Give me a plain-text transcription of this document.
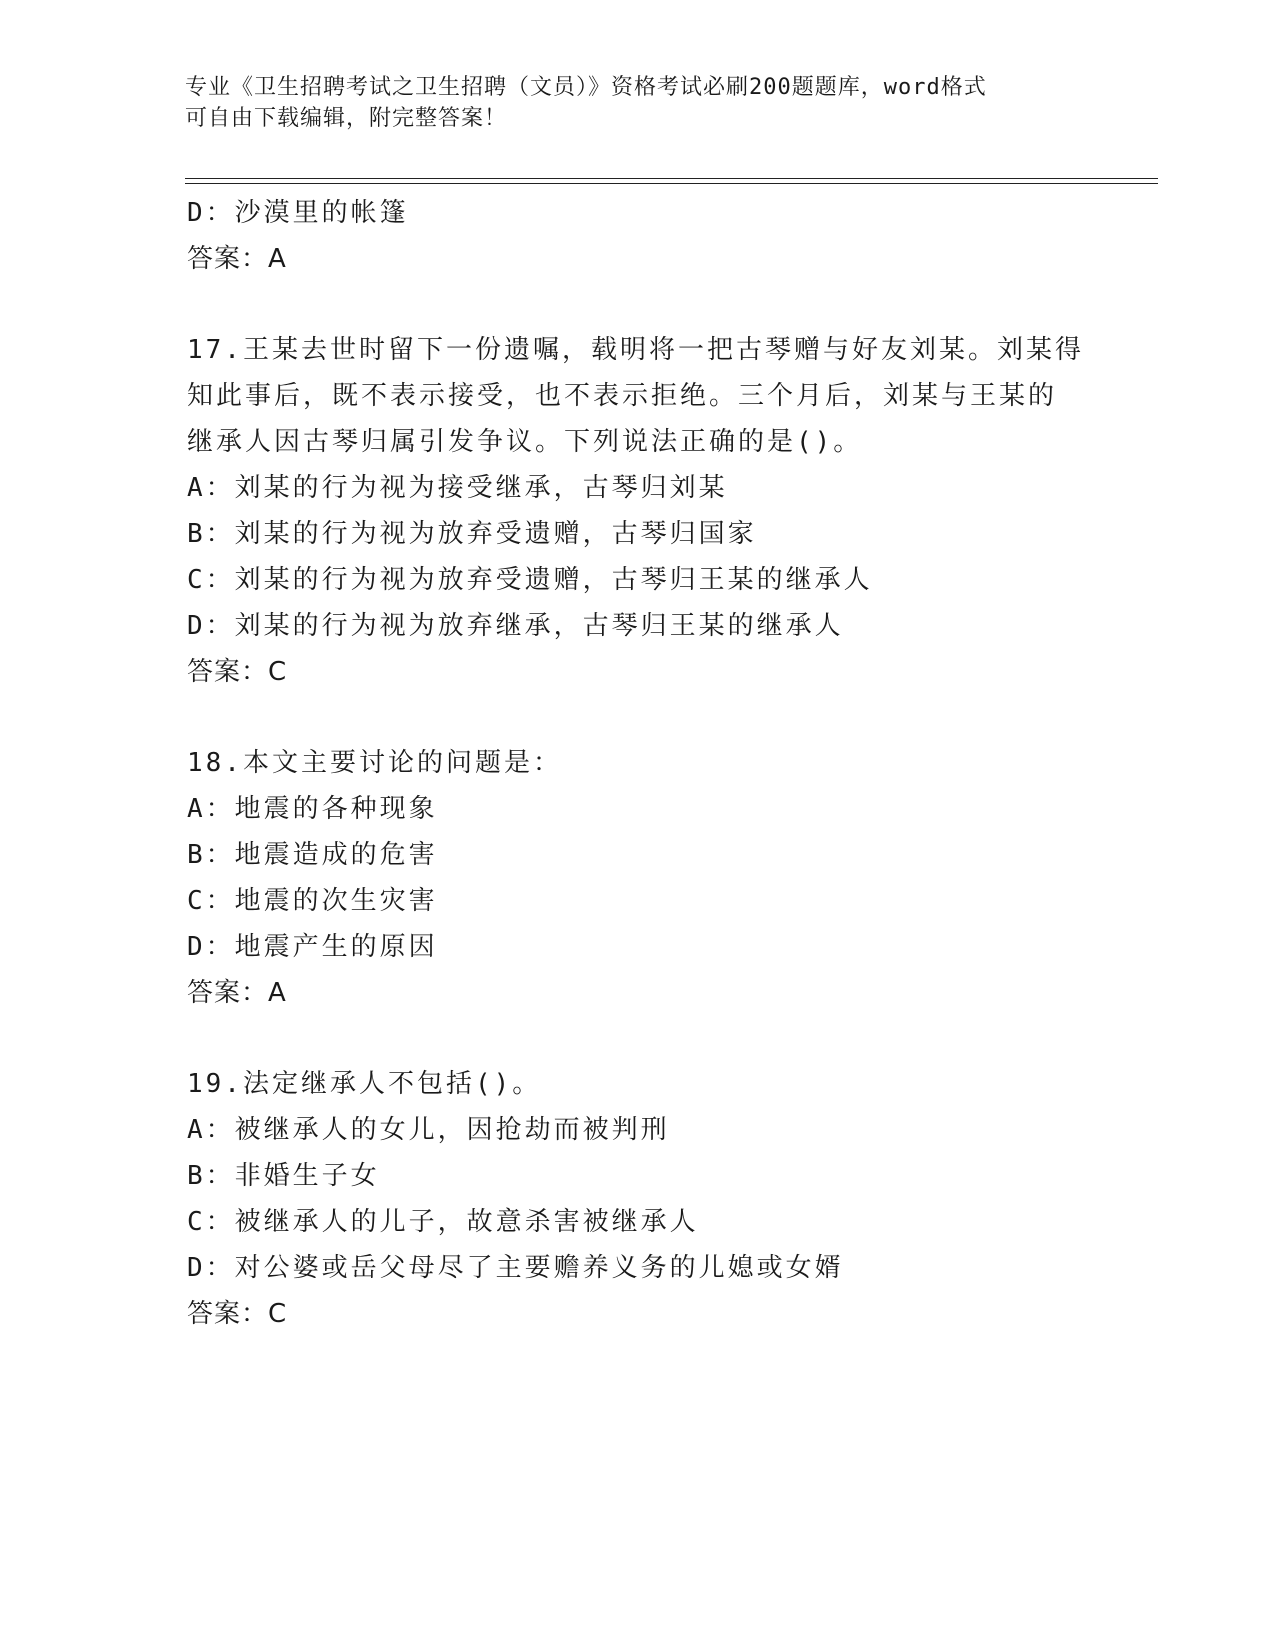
专业《卫生招聘考试之卫生招聘（文员）》资格考试必刷200题题库，word格式
可自由下载编辑，附完整答案！
D：沙漠里的帐篷
答案：A
17.王某去世时留下一份遗嘱，载明将一把古琴赠与好友刘某。刘某得
知此事后，既不表示接受，也不表示拒绝。三个月后，刘某与王某的
继承人因古琴归属引发争议。下列说法正确的是()。
A：刘某的行为视为接受继承，古琴归刘某
B：刘某的行为视为放弃受遗赠，古琴归国家
C：刘某的行为视为放弃受遗赠，古琴归王某的继承人
D：刘某的行为视为放弃继承，古琴归王某的继承人
答案：C
18.本文主要讨论的问题是：
A：地震的各种现象
B：地震造成的危害
C：地震的次生灾害
D：地震产生的原因
答案：A
19.法定继承人不包括()。
A：被继承人的女儿，因抢劫而被判刑
B：非婚生子女
C：被继承人的儿子，故意杀害被继承人
D：对公婆或岳父母尽了主要赡养义务的儿媳或女婿
答案：C
